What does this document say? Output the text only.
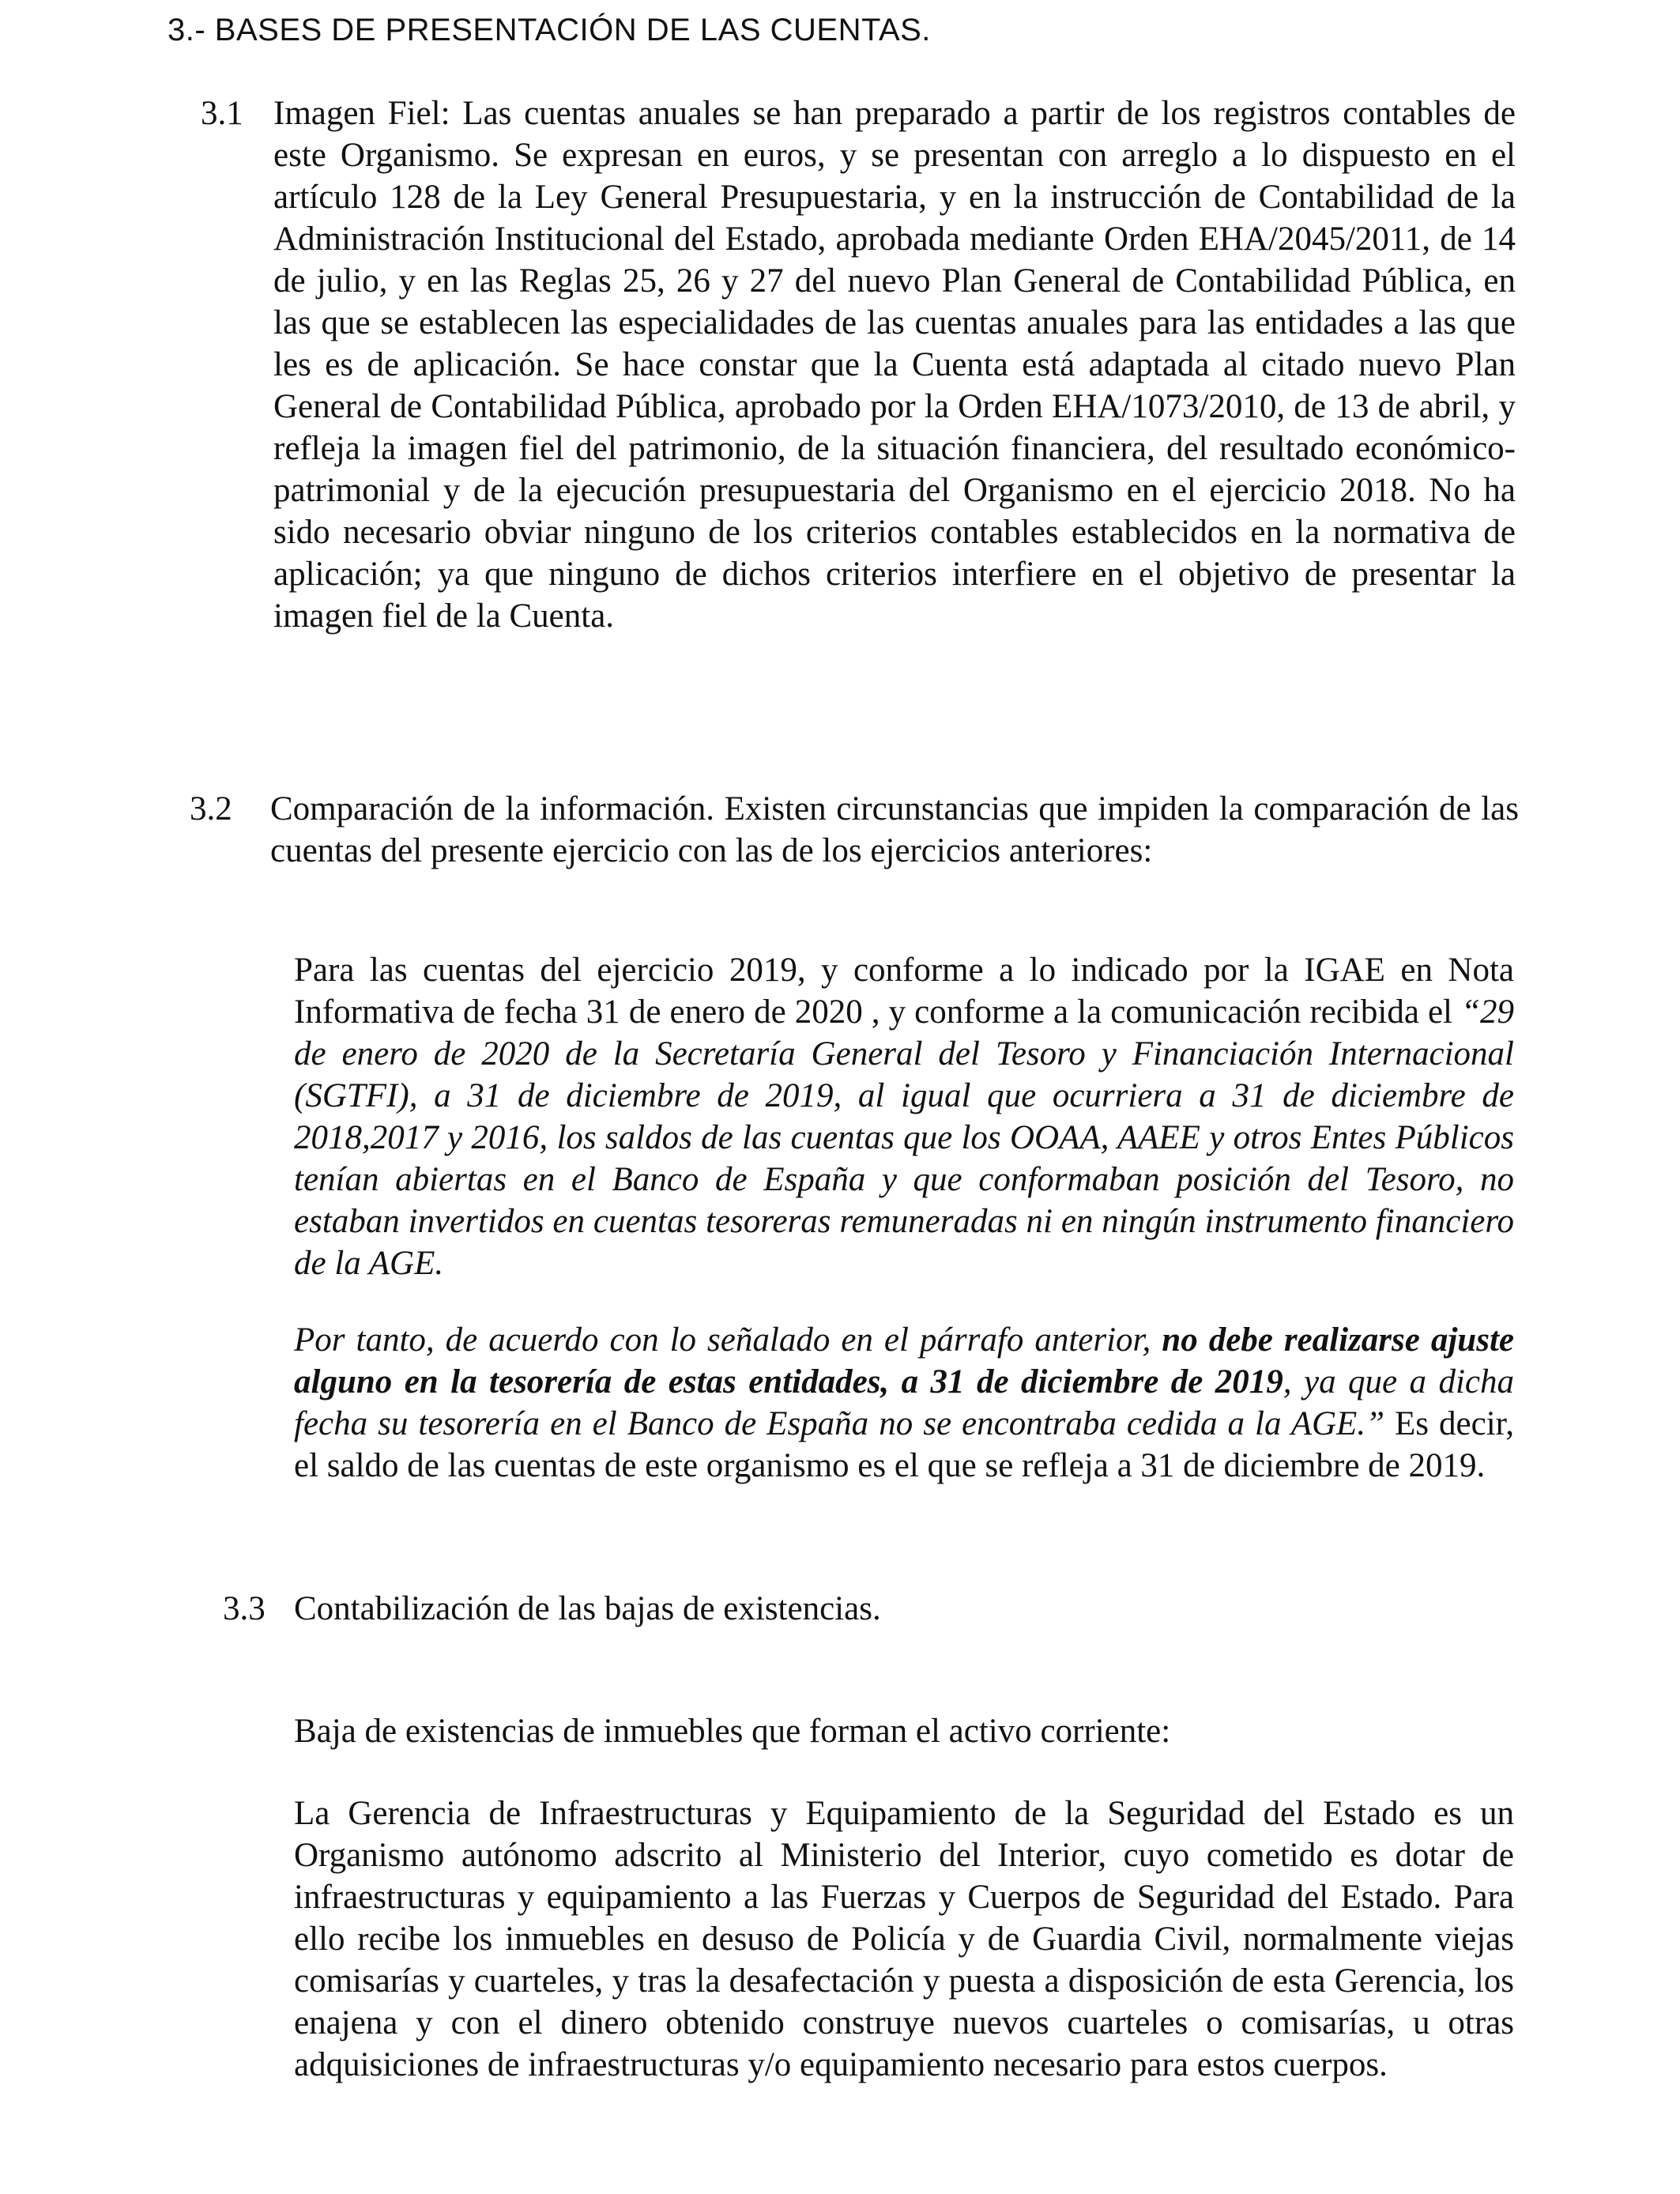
3.- BASES DE PRESENTACIÓN DE LAS CUENTAS.
3.1 Imagen Fiel: Las cuentas anuales se han preparado a partir de los registros contables de este Organismo. Se expresan en euros, y se presentan con arreglo a lo dispuesto en el artículo 128 de la Ley General Presupuestaria, y en la instrucción de Contabilidad de la Administración Institucional del Estado, aprobada mediante Orden EHA/2045/2011, de 14 de julio, y en las Reglas 25, 26 y 27 del nuevo Plan General de Contabilidad Pública, en las que se establecen las especialidades de las cuentas anuales para las entidades a las que les es de aplicación. Se hace constar que la Cuenta está adaptada al citado nuevo Plan General de Contabilidad Pública, aprobado por la Orden EHA/1073/2010, de 13 de abril, y refleja la imagen fiel del patrimonio, de la situación financiera, del resultado económico-patrimonial y de la ejecución presupuestaria del Organismo en el ejercicio 2018. No ha sido necesario obviar ninguno de los criterios contables establecidos en la normativa de aplicación; ya que ninguno de dichos criterios interfiere en el objetivo de presentar la imagen fiel de la Cuenta.

3.2 Comparación de la información. Existen circunstancias que impiden la comparación de las cuentas del presente ejercicio con las de los ejercicios anteriores:

Para las cuentas del ejercicio 2019, y conforme a lo indicado por la IGAE en Nota Informativa de fecha 31 de enero de 2020 , y conforme a la comunicación recibida el “29 de enero de 2020 de la Secretaría General del Tesoro y Financiación Internacional (SGTFI), a 31 de diciembre de 2019, al igual que ocurriera a 31 de diciembre de 2018,2017 y 2016, los saldos de las cuentas que los OOAA, AAEE y otros Entes Públicos tenían abiertas en el Banco de España y que conformaban posición del Tesoro, no estaban invertidos en cuentas tesoreras remuneradas ni en ningún instrumento financiero de la AGE.

Por tanto, de acuerdo con lo señalado en el párrafo anterior, no debe realizarse ajuste alguno en la tesorería de estas entidades, a 31 de diciembre de 2019, ya que a dicha fecha su tesorería en el Banco de España no se encontraba cedida a la AGE.” Es decir, el saldo de las cuentas de este organismo es el que se refleja a 31 de diciembre de 2019.

3.3 Contabilización de las bajas de existencias.

Baja de existencias de inmuebles que forman el activo corriente:

La Gerencia de Infraestructuras y Equipamiento de la Seguridad del Estado es un Organismo autónomo adscrito al Ministerio del Interior, cuyo cometido es dotar de infraestructuras y equipamiento a las Fuerzas y Cuerpos de Seguridad del Estado. Para ello recibe los inmuebles en desuso de Policía y de Guardia Civil, normalmente viejas comisarías y cuarteles, y tras la desafectación y puesta a disposición de esta Gerencia, los enajena y con el dinero obtenido construye nuevos cuarteles o comisarías, u otras adquisiciones de infraestructuras y/o equipamiento necesario para estos cuerpos.
